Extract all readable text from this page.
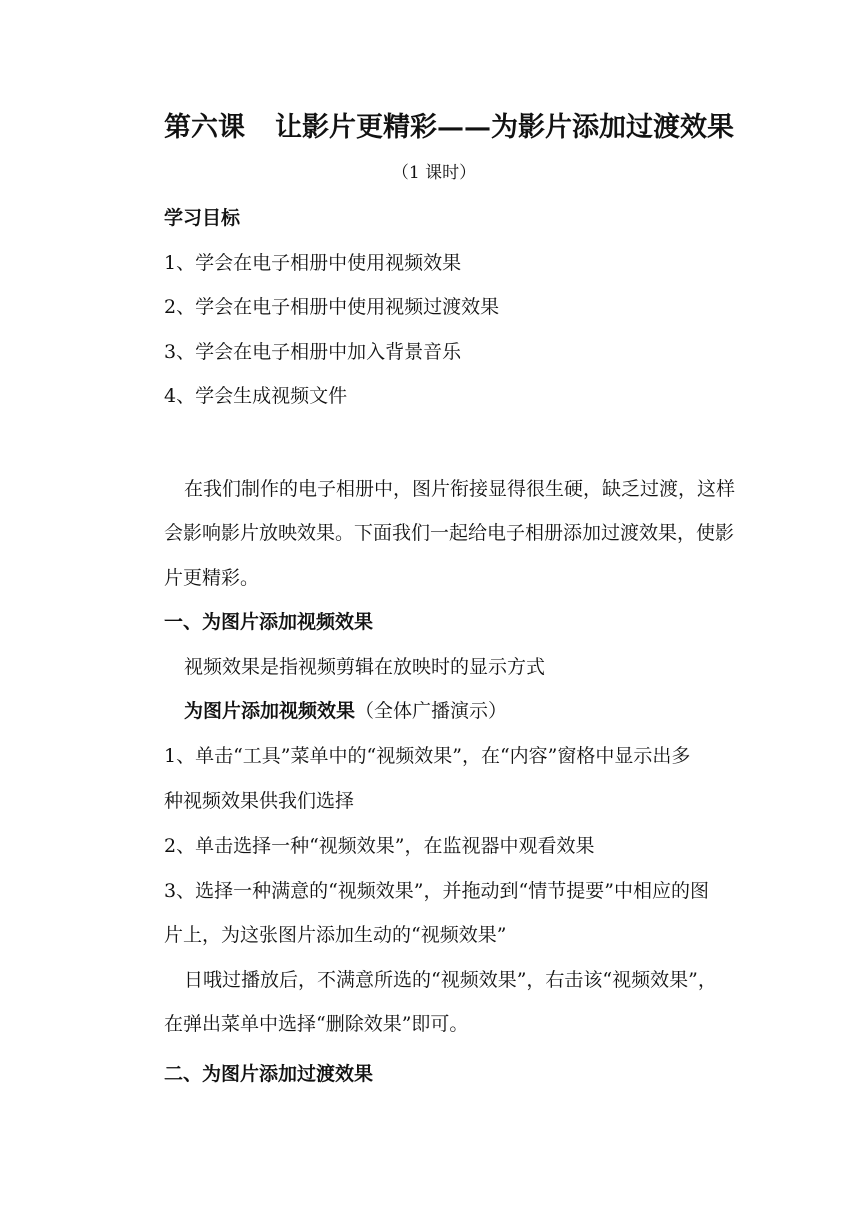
第六课 让影片更精彩——为影片添加过渡效果
（1 课时）
学习目标
1、学会在电子相册中使用视频效果
2、学会在电子相册中使用视频过渡效果
3、学会在电子相册中加入背景音乐
4、学会生成视频文件
在我们制作的电子相册中，图片衔接显得很生硬，缺乏过渡，这样
会影响影片放映效果。下面我们一起给电子相册添加过渡效果，使影
片更精彩。
一、为图片添加视频效果
视频效果是指视频剪辑在放映时的显示方式
为图片添加视频效果（全体广播演示）
1、单击“工具”菜单中的“视频效果”，在“内容”窗格中显示出多
种视频效果供我们选择
2、单击选择一种“视频效果”，在监视器中观看效果
3、选择一种满意的“视频效果”，并拖动到“情节提要”中相应的图
片上，为这张图片添加生动的“视频效果”
日哦过播放后，不满意所选的“视频效果”，右击该“视频效果”，
在弹出菜单中选择“删除效果”即可。
二、为图片添加过渡效果
